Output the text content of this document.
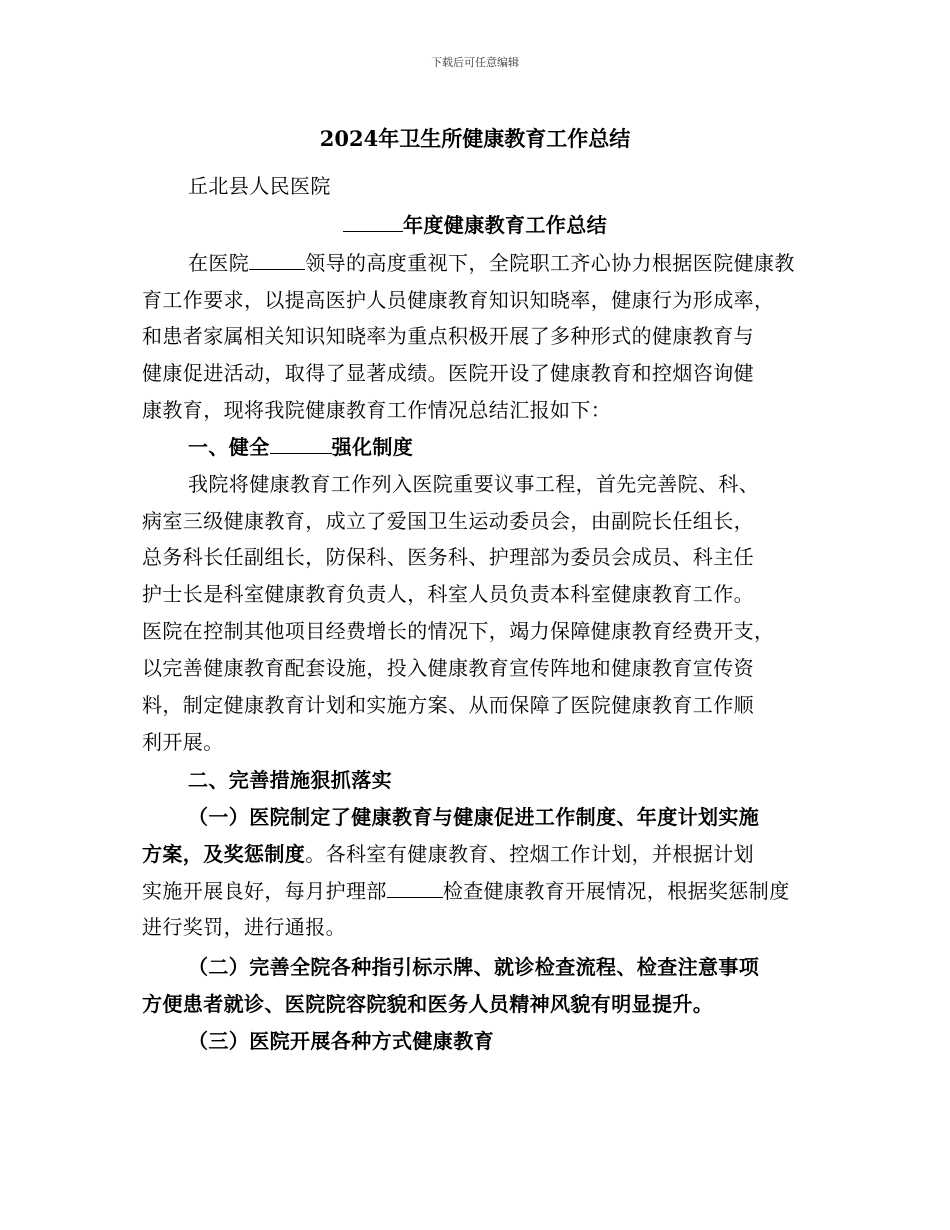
下载后可任意编辑
2024年卫生所健康教育工作总结
丘北县人民医院
年度健康教育工作总结
在医院	领导的高度重视下，全院职工齐心协力根据医院健康教
育工作要求，以提高医护人员健康教育知识知晓率，健康行为形成率，
和患者家属相关知识知晓率为重点积极开展了多种形式的健康教育与
健康促进活动，取得了显著成绩。医院开设了健康教育和控烟咨询健
康教育，现将我院健康教育工作情况总结汇报如下：
一、健全	强化制度
我院将健康教育工作列入医院重要议事工程，首先完善院、科、
病室三级健康教育，成立了爱国卫生运动委员会，由副院长任组长，
总务科长任副组长，防保科、医务科、护理部为委员会成员、科主任
护士长是科室健康教育负责人，科室人员负责本科室健康教育工作。
医院在控制其他项目经费增长的情况下，竭力保障健康教育经费开支，
以完善健康教育配套设施，投入健康教育宣传阵地和健康教育宣传资
料，制定健康教育计划和实施方案、从而保障了医院健康教育工作顺
利开展。
二、完善措施狠抓落实
（一）医院制定了健康教育与健康促进工作制度、年度计划实施
方案，及奖惩制度。各科室有健康教育、控烟工作计划，并根据计划
实施开展良好，每月护理部	检查健康教育开展情况，根据奖惩制度
进行奖罚，进行通报。
（二）完善全院各种指引标示牌、就诊检查流程、检查注意事项
方便患者就诊、医院院容院貌和医务人员精神风貌有明显提升。
（三）医院开展各种方式健康教育
